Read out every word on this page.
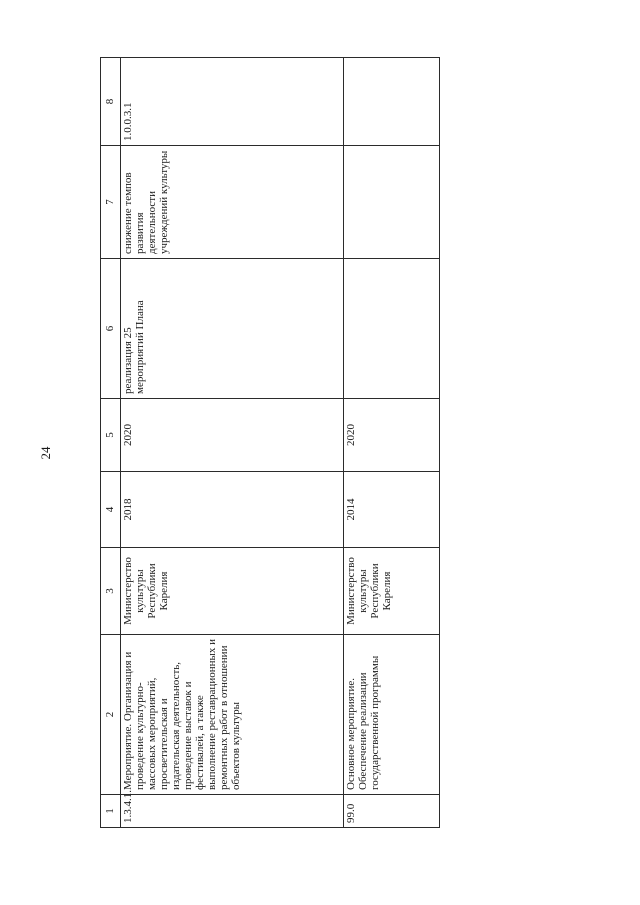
24
1	2	3	4	5	6	7	8
1.3.4.1.	Мероприятие. Организация и проведение культурно-массовых мероприятий, просветительская и издательская деятельность, проведение выставок и фестивалей, а также выполнение реставрационных и ремонтных работ в отношении объектов культуры	Министерство культуры Республики Карелия	2018	2020	реализация 25 мероприятий Плана	снижение темпов развития деятельности учреждений культуры	1.0.0.3.1
99.0	Основное мероприятие. Обеспечение реализации государственной программы	Министерство культуры Республики Карелия	2014	2020			
